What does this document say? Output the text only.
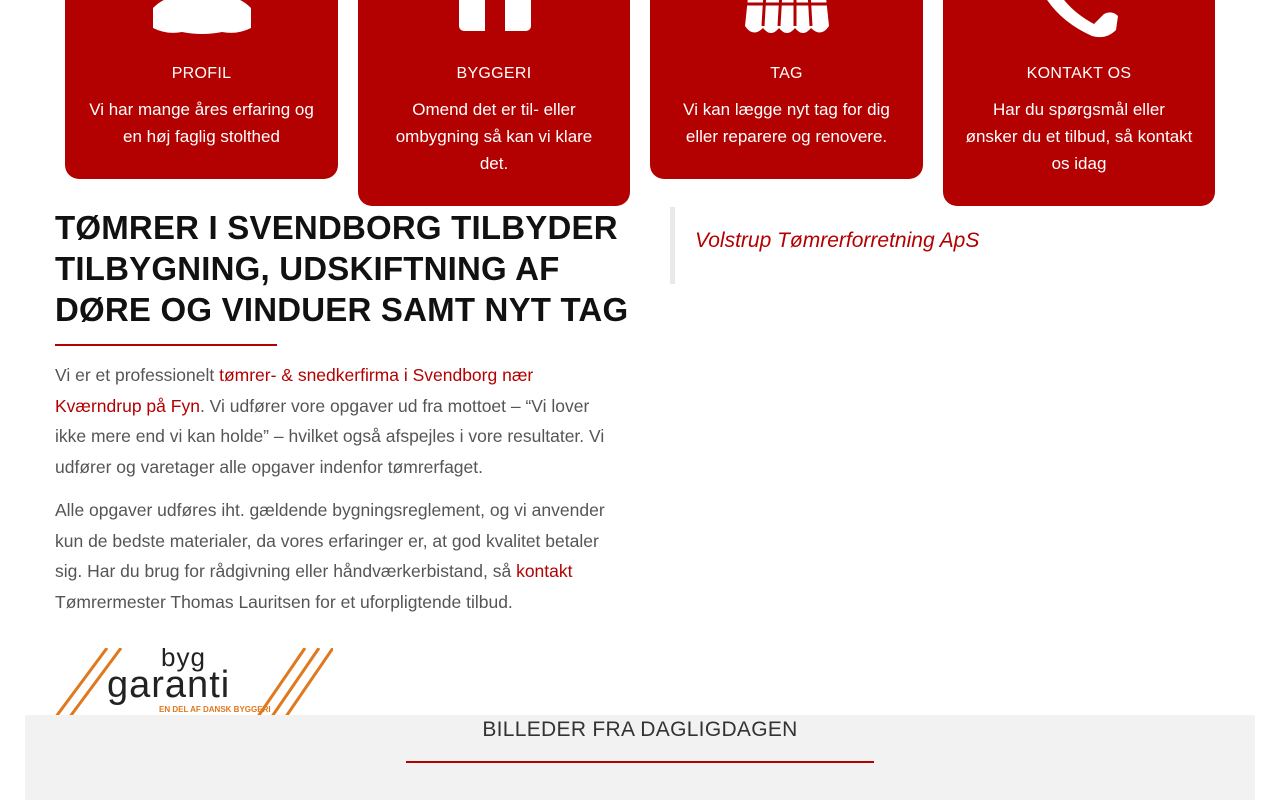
PROFIL
Vi har mange åres erfaring og en høj faglig stolthed
BYGGERI
Omend det er til- eller ombygning så kan vi klare det.
TAG
Vi kan lægge nyt tag for dig eller reparere og renovere.
KONTAKT OS
Har du spørgsmål eller ønsker du et tilbud, så kontakt os idag
TØMRER I SVENDBORG TILBYDER TILBYGNING, UDSKIFTNING AF DØRE OG VINDUER SAMT NYT TAG

Vi er et professionelt tømrer- & snedkerfirma i Svendborg nær Kværndrup på Fyn. Vi udfører vore opgaver ud fra mottoet – “Vi lover ikke mere end vi kan holde” – hvilket også afspejles i vore resultater. Vi udfører og varetager alle opgaver indenfor tømrerfaget.

Alle opgaver udføres iht. gældende bygningsreglement, og vi anvender kun de bedste materialer, da vores erfaringer er, at god kvalitet betaler sig. Har du brug for rådgivning eller håndværkerbistand, så kontakt Tømrermester Thomas Lauritsen for et uforpligtende tilbud.

Volstrup Tømrerforretning ApS
byg
garanti
EN DEL AF DANSK BYGGERI
BILLEDER FRA DAGLIGDAGEN
